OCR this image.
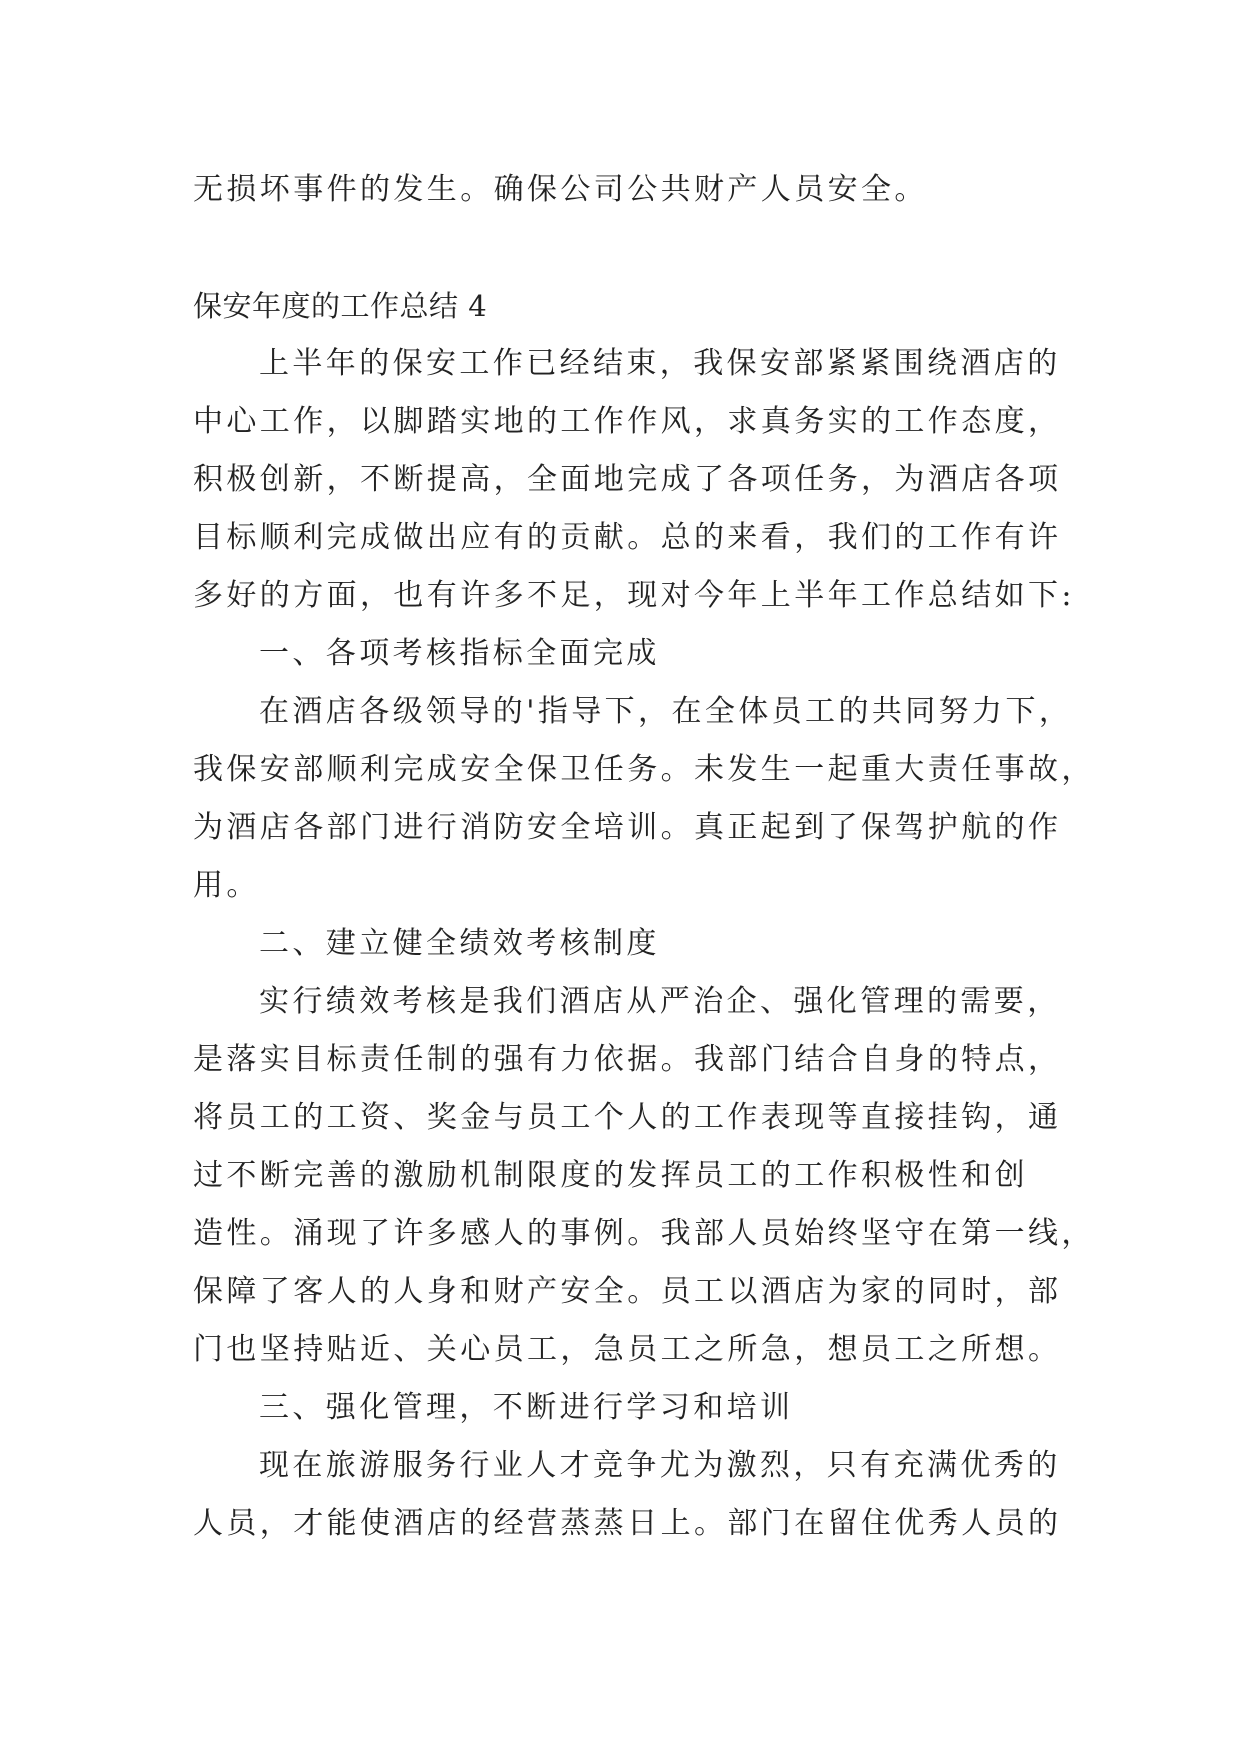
无损坏事件的发生。确保公司公共财产人员安全。
保安年度的工作总结 4
上半年的保安工作已经结束，我保安部紧紧围绕酒店的
中心工作，以脚踏实地的工作作风，求真务实的工作态度，
积极创新，不断提高，全面地完成了各项任务，为酒店各项
目标顺利完成做出应有的贡献。总的来看，我们的工作有许
多好的方面，也有许多不足，现对今年上半年工作总结如下:
一、各项考核指标全面完成
在酒店各级领导的'指导下，在全体员工的共同努力下，
我保安部顺利完成安全保卫任务。未发生一起重大责任事故，
为酒店各部门进行消防安全培训。真正起到了保驾护航的作
用。
二、建立健全绩效考核制度
实行绩效考核是我们酒店从严治企、强化管理的需要，
是落实目标责任制的强有力依据。我部门结合自身的特点，
将员工的工资、奖金与员工个人的工作表现等直接挂钩，通
过不断完善的激励机制限度的发挥员工的工作积极性和创
造性。涌现了许多感人的事例。我部人员始终坚守在第一线，
保障了客人的人身和财产安全。员工以酒店为家的同时，部
门也坚持贴近、关心员工，急员工之所急，想员工之所想。
三、强化管理，不断进行学习和培训
现在旅游服务行业人才竞争尤为激烈，只有充满优秀的
人员，才能使酒店的经营蒸蒸日上。部门在留住优秀人员的
